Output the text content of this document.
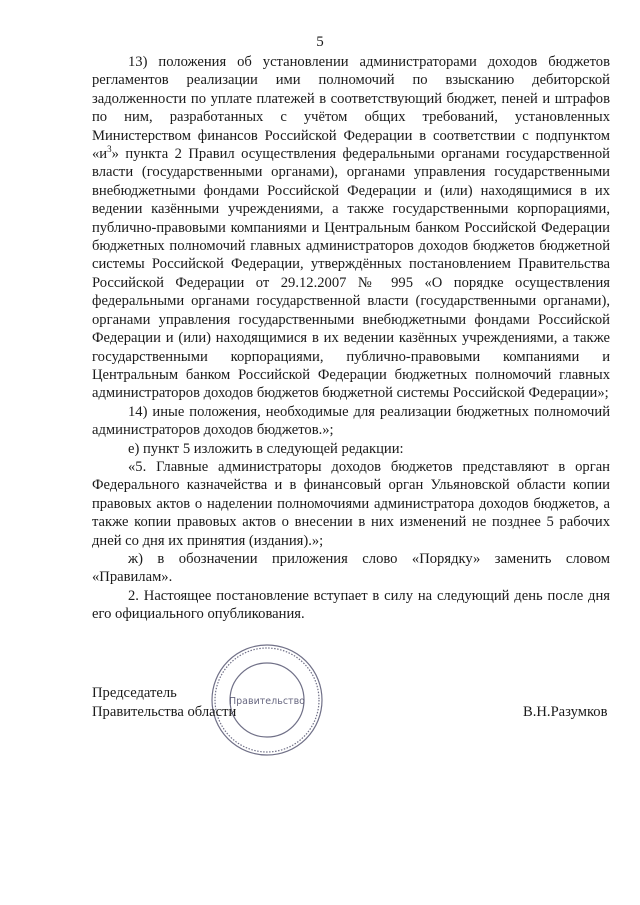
5

13) положения об установлении администраторами доходов бюджетов регламентов реализации ими полномочий по взысканию дебиторской задолженности по уплате платежей в соответствующий бюджет, пеней и штрафов по ним, разработанных с учётом общих требований, установленных Министерством финансов Российской Федерации в соответствии с подпунктом «$и^3$» пункта 2 Правил осуществления федеральными органами государственной власти (государственными органами), органами управления государственными внебюджетными фондами Российской Федерации и (или) находящимися в их ведении казёнными учреждениями, а также государственными корпорациями, публично-правовыми компаниями и Центральным банком Российской Федерации бюджетных полномочий главных администраторов доходов бюджетов бюджетной системы Российской Федерации, утверждённых постановлением Правительства Российской Федерации от 29.12.2007 № 995 «О порядке осуществления федеральными органами государственной власти (государственными органами), органами управления государственными внебюджетными фондами Российской Федерации и (или) находящимися в их ведении казённых учреждениями, а также государственными корпорациями, публично-правовыми компаниями и Центральным банком Российской Федерации бюджетных полномочий главных администраторов доходов бюджетов бюджетной системы Российской Федерации»;

14) иные положения, необходимые для реализации бюджетных полномочий администраторов доходов бюджетов.»;

е) пункт 5 изложить в следующей редакции:

«5. Главные администраторы доходов бюджетов представляют в орган Федерального казначейства и в финансовый орган Ульяновской области копии правовых актов о наделении полномочиями администратора доходов бюджетов, а также копии правовых актов о внесении в них изменений не позднее 5 рабочих дней со дня их принятия (издания).»;

ж) в обозначении приложения слово «Порядку» заменить словом «Правилам».

2. Настоящее постановление вступает в силу на следующий день после дня его официального опубликования.

Правительство
Председатель
Правительства области	В.Н.Разумков
